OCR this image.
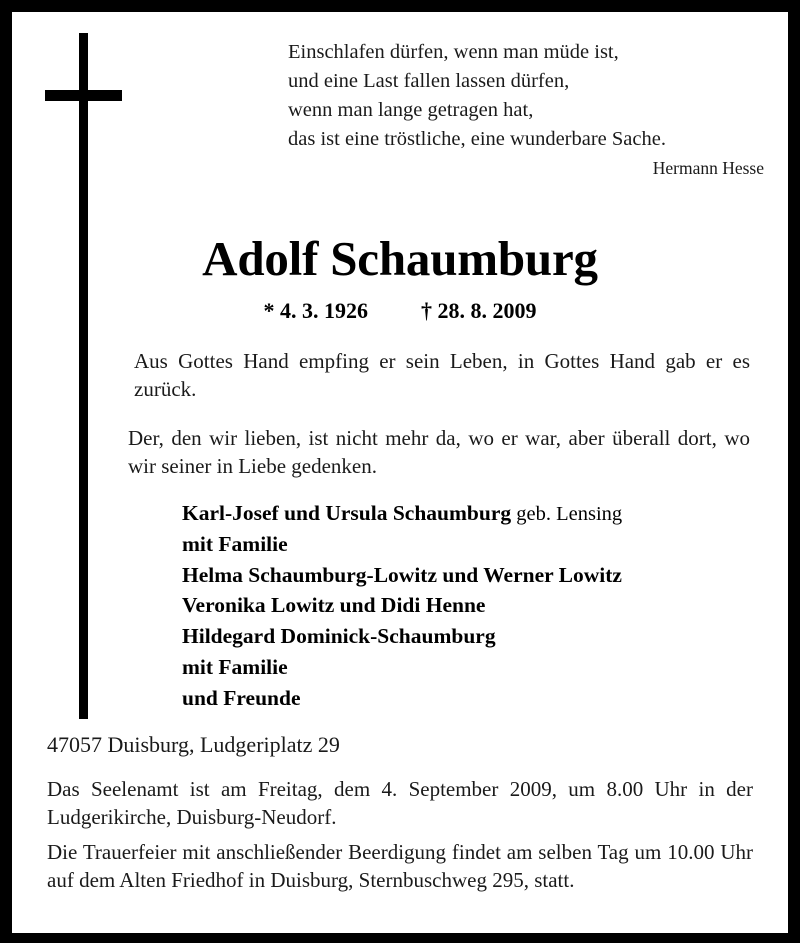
Einschlafen dürfen, wenn man müde ist,
und eine Last fallen lassen dürfen,
wenn man lange getragen hat,
das ist eine tröstliche, eine wunderbare Sache.
Hermann Hesse
Adolf Schaumburg
* 4. 3. 1926 † 28. 8. 2009

Aus Gottes Hand empfing er sein Leben, in Gottes Hand gab er es zurück.

Der, den wir lieben, ist nicht mehr da, wo er war, aber überall dort, wo wir seiner in Liebe gedenken.

Karl-Josef und Ursula Schaumburg geb. Lensing
mit Familie
Helma Schaumburg-Lowitz und Werner Lowitz
Veronika Lowitz und Didi Henne
Hildegard Dominick-Schaumburg
mit Familie
und Freunde
47057 Duisburg, Ludgeriplatz 29

Das Seelenamt ist am Freitag, dem 4. September 2009, um 8.00 Uhr in der Ludgerikirche, Duisburg-Neudorf.

Die Trauerfeier mit anschließender Beerdigung findet am selben Tag um 10.00 Uhr auf dem Alten Friedhof in Duisburg, Sternbuschweg 295, statt.
